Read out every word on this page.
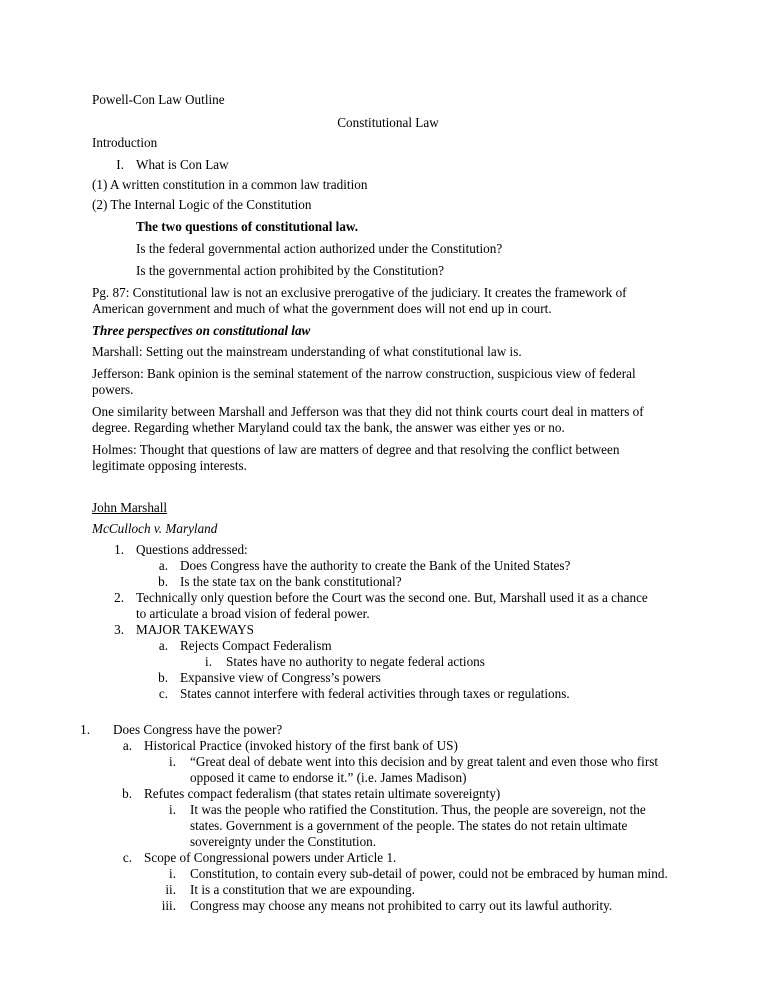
Powell-Con Law Outline
Constitutional Law
Introduction
I. What is Con Law
(1) A written constitution in a common law tradition
(2) The Internal Logic of the Constitution
The two questions of constitutional law.
Is the federal governmental action authorized under the Constitution?
Is the governmental action prohibited by the Constitution?
Pg. 87: Constitutional law is not an exclusive prerogative of the judiciary. It creates the framework of
American government and much of what the government does will not end up in court.
Three perspectives on constitutional law
Marshall: Setting out the mainstream understanding of what constitutional law is.
Jefferson: Bank opinion is the seminal statement of the narrow construction, suspicious view of federal
powers.
One similarity between Marshall and Jefferson was that they did not think courts court deal in matters of
degree. Regarding whether Maryland could tax the bank, the answer was either yes or no.
Holmes: Thought that questions of law are matters of degree and that resolving the conflict between
legitimate opposing interests.
John Marshall
McCulloch v. Maryland
1. Questions addressed:
a. Does Congress have the authority to create the Bank of the United States?
b. Is the state tax on the bank constitutional?
2. Technically only question before the Court was the second one. But, Marshall used it as a chance
to articulate a broad vision of federal power.
3. MAJOR TAKEWAYS
a. Rejects Compact Federalism
i. States have no authority to negate federal actions
b. Expansive view of Congress’s powers
c. States cannot interfere with federal activities through taxes or regulations.
1. Does Congress have the power?
a. Historical Practice (invoked history of the first bank of US)
i. “Great deal of debate went into this decision and by great talent and even those who first
opposed it came to endorse it.” (i.e. James Madison)
b. Refutes compact federalism (that states retain ultimate sovereignty)
i. It was the people who ratified the Constitution. Thus, the people are sovereign, not the
states. Government is a government of the people. The states do not retain ultimate
sovereignty under the Constitution.
c. Scope of Congressional powers under Article 1.
i. Constitution, to contain every sub-detail of power, could not be embraced by human mind.
ii. It is a constitution that we are expounding.
iii. Congress may choose any means not prohibited to carry out its lawful authority.
